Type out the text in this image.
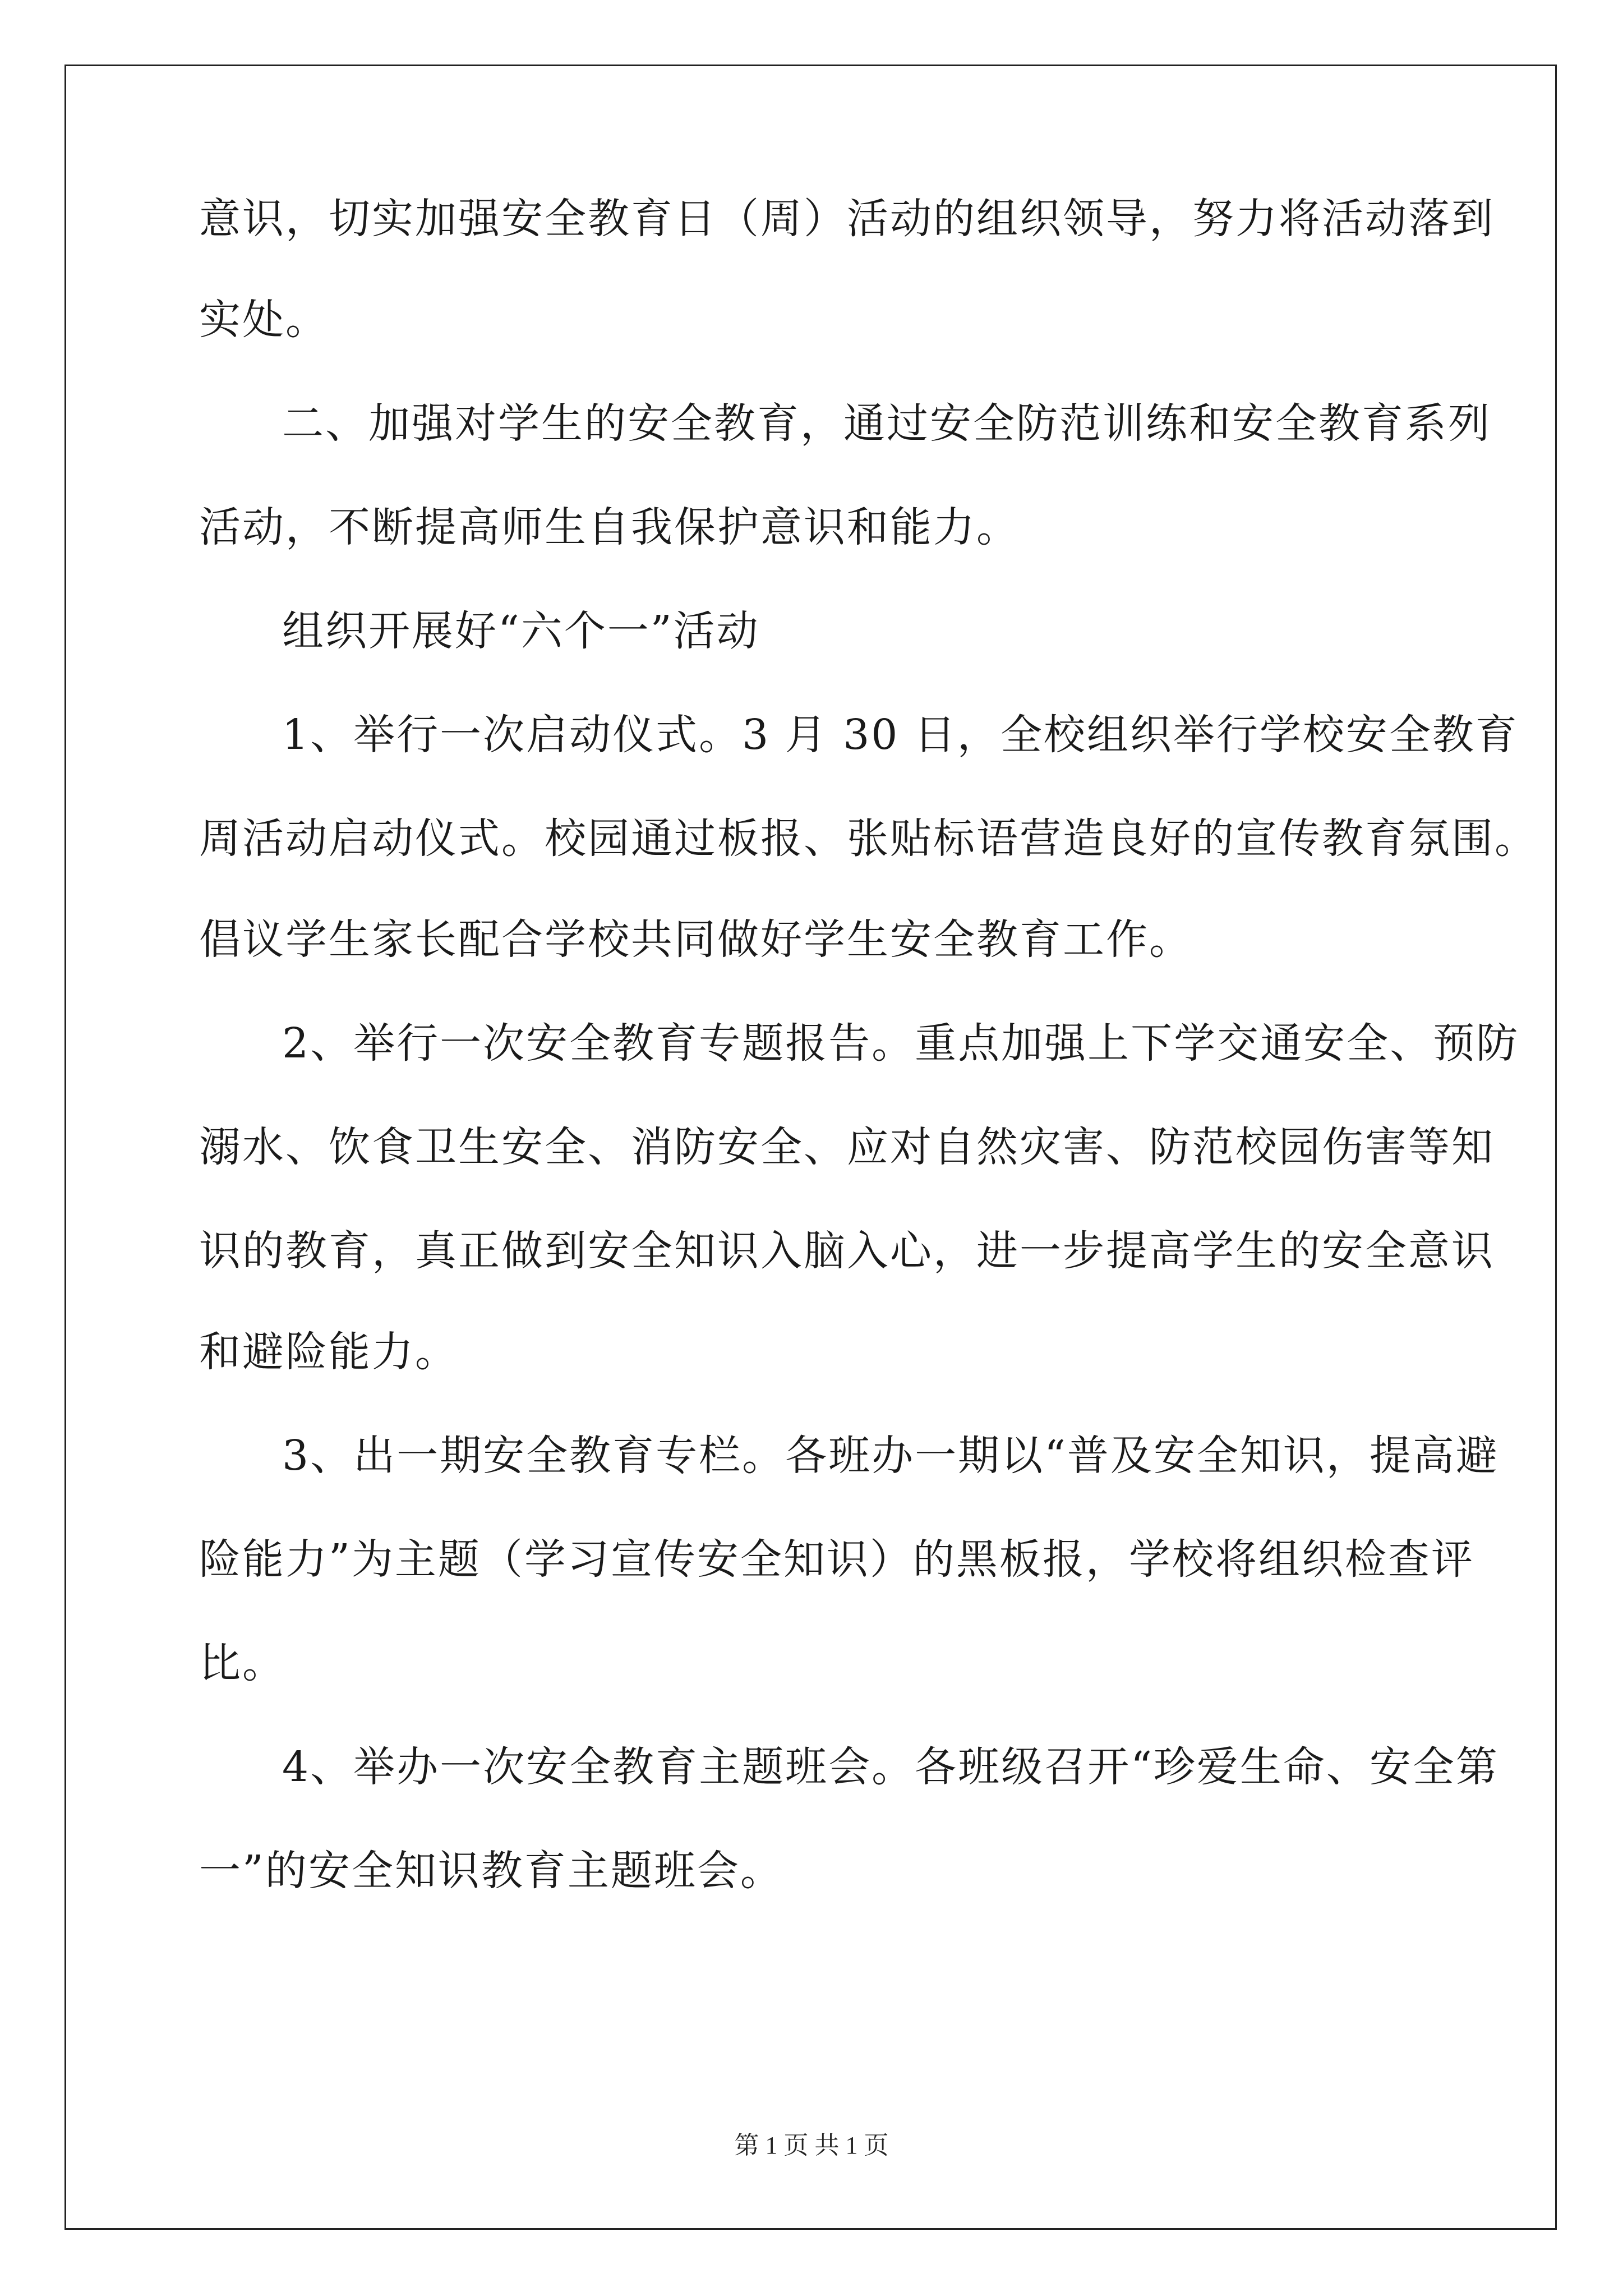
意识，切实加强安全教育日（周）活动的组织领导，努力将活动落到
实处。
二、加强对学生的安全教育，通过安全防范训练和安全教育系列
活动，不断提高师生自我保护意识和能力。
组织开展好“六个一”活动
1、举行一次启动仪式。3 月 30 日，全校组织举行学校安全教育
周活动启动仪式。校园通过板报、张贴标语营造良好的宣传教育氛围。
倡议学生家长配合学校共同做好学生安全教育工作。
2、举行一次安全教育专题报告。重点加强上下学交通安全、预防
溺水、饮食卫生安全、消防安全、应对自然灾害、防范校园伤害等知
识的教育，真正做到安全知识入脑入心，进一步提高学生的安全意识
和避险能力。
3、出一期安全教育专栏。各班办一期以“普及安全知识，提高避
险能力”为主题（学习宣传安全知识）的黑板报，学校将组织检查评
比。
4、举办一次安全教育主题班会。各班级召开“珍爱生命、安全第
一”的安全知识教育主题班会。
第 1 页 共 1 页
